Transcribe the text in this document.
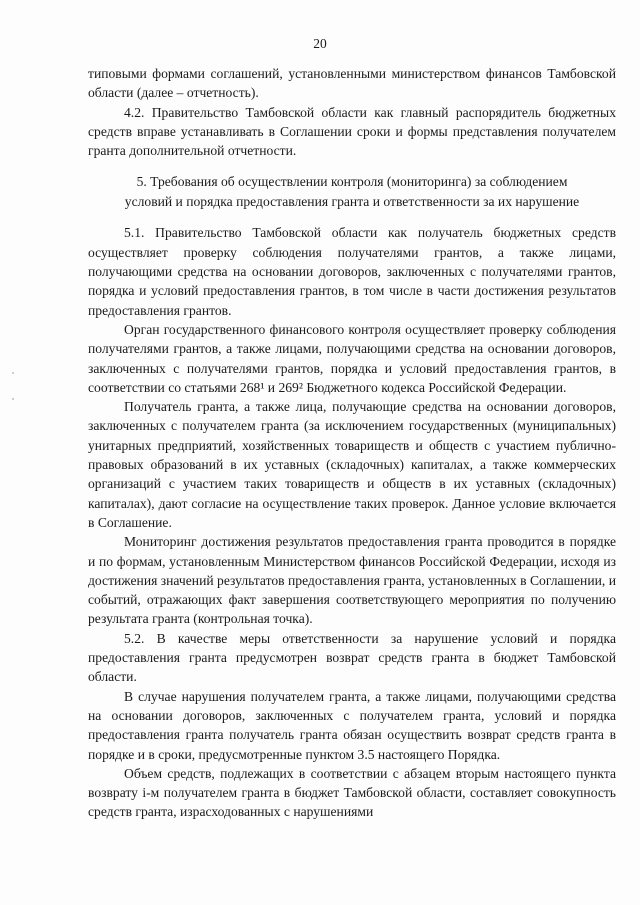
20

типовыми формами соглашений, установленными министерством финансов Тамбовской области (далее – отчетность).

4.2. Правительство Тамбовской области как главный распорядитель бюджетных средств вправе устанавливать в Соглашении сроки и формы представления получателем гранта дополнительной отчетности.

5. Требования об осуществлении контроля (мониторинга) за соблюдением
условий и порядка предоставления гранта и ответственности за их нарушение

5.1. Правительство Тамбовской области как получатель бюджетных средств осуществляет проверку соблюдения получателями грантов, а также лицами, получающими средства на основании договоров, заключенных с получателями грантов, порядка и условий предоставления грантов, в том числе в части достижения результатов предоставления грантов.

Орган государственного финансового контроля осуществляет проверку соблюдения получателями грантов, а также лицами, получающими средства на основании договоров, заключенных с получателями грантов, порядка и условий предоставления грантов, в соответствии со статьями 268¹ и 269² Бюджетного кодекса Российской Федерации.

Получатель гранта, а также лица, получающие средства на основании договоров, заключенных с получателем гранта (за исключением государственных (муниципальных) унитарных предприятий, хозяйственных товариществ и обществ с участием публично-правовых образований в их уставных (складочных) капиталах, а также коммерческих организаций с участием таких товариществ и обществ в их уставных (складочных) капиталах), дают согласие на осуществление таких проверок. Данное условие включается в Соглашение.

Мониторинг достижения результатов предоставления гранта проводится в порядке и по формам, установленным Министерством финансов Российской Федерации, исходя из достижения значений результатов предоставления гранта, установленных в Соглашении, и событий, отражающих факт завершения соответствующего мероприятия по получению результата гранта (контрольная точка).

5.2. В качестве меры ответственности за нарушение условий и порядка предоставления гранта предусмотрен возврат средств гранта в бюджет Тамбовской области.

В случае нарушения получателем гранта, а также лицами, получающими средства на основании договоров, заключенных с получателем гранта, условий и порядка предоставления гранта получатель гранта обязан осуществить возврат средств гранта в порядке и в сроки, предусмотренные пунктом 3.5 настоящего Порядка.

Объем средств, подлежащих в соответствии с абзацем вторым настоящего пункта возврату i-м получателем гранта в бюджет Тамбовской области, составляет совокупность средств гранта, израсходованных с нарушениями
